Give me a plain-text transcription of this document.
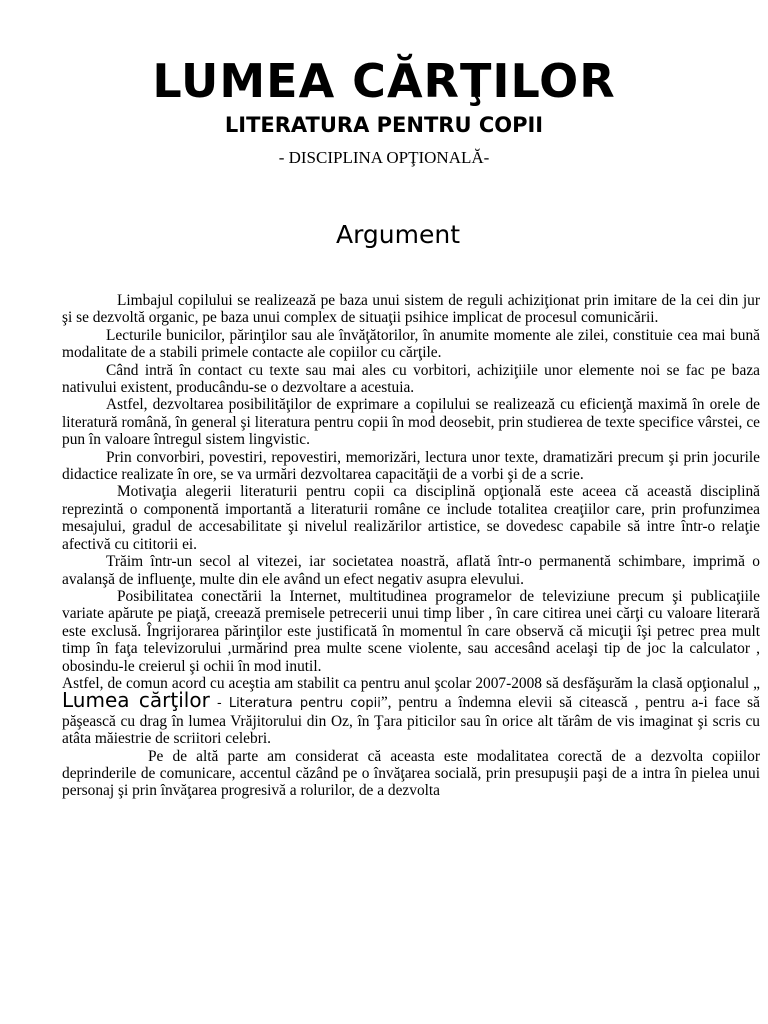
LUMEA CĂRŢILOR
LITERATURA PENTRU COPII
- DISCIPLINA OPŢIONALĂ-
Argument

Limbajul copilului se realizează pe baza unui sistem de reguli achiziţionat prin imitare de la cei din jur şi se dezvoltă organic, pe baza unui complex de situaţii psihice implicat de procesul comunicării.

Lecturile bunicilor, părinţilor sau ale învăţătorilor, în anumite momente ale zilei, constituie cea mai bună modalitate de a stabili primele contacte ale copiilor cu cărţile.

Când intră în contact cu texte sau mai ales cu vorbitori, achiziţiile unor elemente noi se fac pe baza nativului existent, producându-se o dezvoltare a acestuia.

Astfel, dezvoltarea posibilităţilor de exprimare a copilului se realizează cu eficienţă maximă în orele de literatură română, în general şi literatura pentru copii în mod deosebit, prin studierea de texte specifice vârstei, ce pun în valoare întregul sistem lingvistic.

Prin convorbiri, povestiri, repovestiri, memorizări, lectura unor texte, dramatizări precum şi prin jocurile didactice realizate în ore, se va urmări dezvoltarea capacităţii de a vorbi şi de a scrie.

Motivaţia alegerii literaturii pentru copii ca disciplină opţională este aceea că această disciplină reprezintă o componentă importantă a literaturii române ce include totalitea creaţiilor care, prin profunzimea mesajului, gradul de accesabilitate şi nivelul realizărilor artistice, se dovedesc capabile să intre într-o relaţie afectivă cu cititorii ei.

Trăim într-un secol al vitezei, iar societatea noastră, aflată într-o permanentă schimbare, imprimă o avalanşă de influenţe, multe din ele având un efect negativ asupra elevului.

Posibilitatea conectării la Internet, multitudinea programelor de televiziune precum şi publicaţiile variate apărute pe piaţă, creează premisele petrecerii unui timp liber , în care citirea unei cărţi cu valoare literară este exclusă. Îngrijorarea părinţilor este justificată în momentul în care observă că micuţii îşi petrec prea mult timp în faţa televizorului ,urmărind prea multe scene violente, sau accesând acelaşi tip de joc la calculator , obosindu-le creierul şi ochii în mod inutil.

Astfel, de comun acord cu aceştia am stabilit ca pentru anul şcolar 2007-2008 să desfăşurăm la clasă opţionalul „ Lumea cărţilor - Literatura pentru copii”, pentru a îndemna elevii să citească , pentru a-i face să păşească cu drag în lumea Vrăjitorului din Oz, în Ţara piticilor sau în orice alt tărâm de vis imaginat şi scris cu atâta măiestrie de scriitori celebri.

Pe de altă parte am considerat că aceasta este modalitatea corectă de a dezvolta copiilor deprinderile de comunicare, accentul căzând pe o învăţarea socială, prin presupuşii paşi de a intra în pielea unui personaj şi prin învăţarea progresivă a rolurilor, de a dezvolta
